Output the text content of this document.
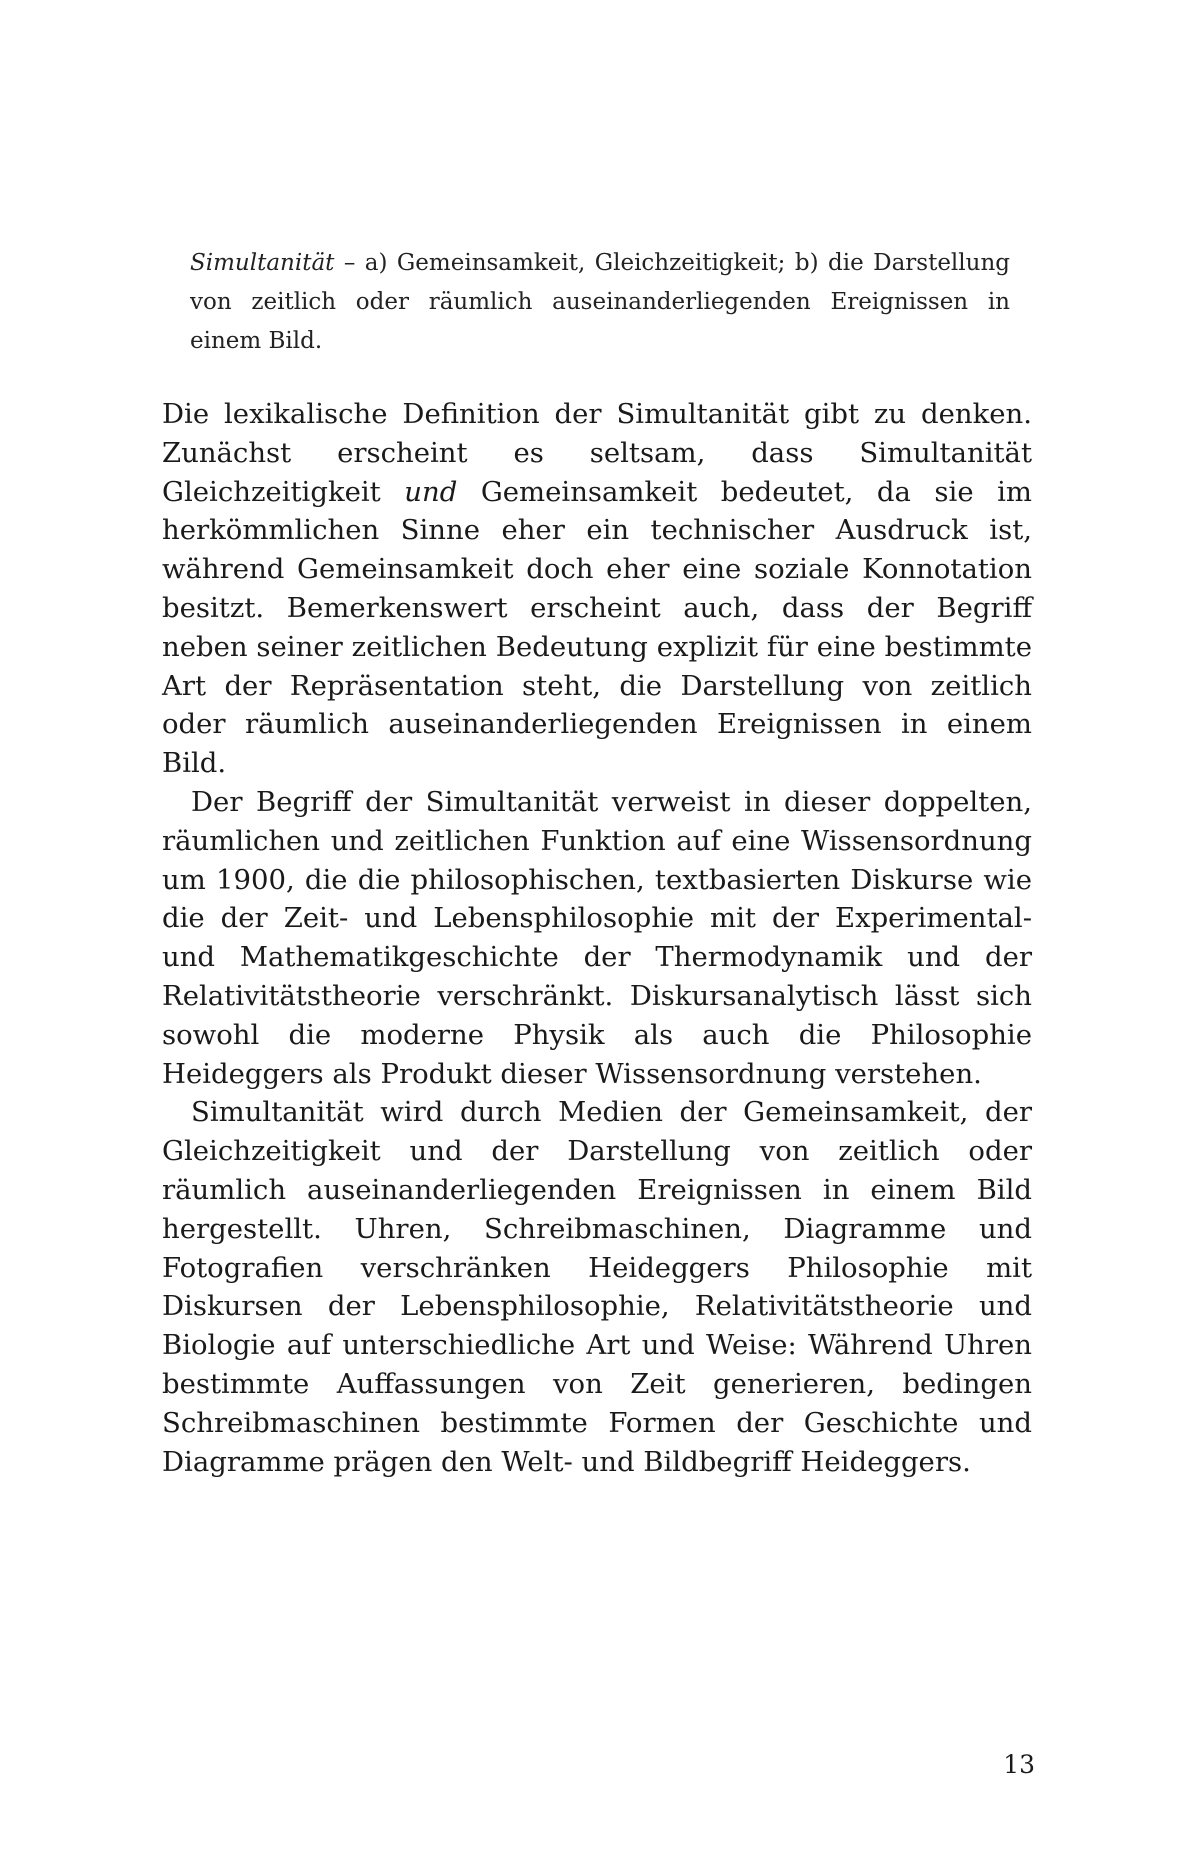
Simultanität – a) Gemeinsamkeit, Gleichzeitigkeit; b) die Darstellung von zeitlich oder räumlich auseinanderliegenden Ereignissen in einem Bild.

Die lexikalische Definition der Simultanität gibt zu denken. Zunächst erscheint es seltsam, dass Simultanität Gleichzeitigkeit und Gemeinsamkeit bedeutet, da sie im herkömmlichen Sinne eher ein technischer Ausdruck ist, während Gemeinsamkeit doch eher eine soziale Konnotation besitzt. Bemerkenswert erscheint auch, dass der Begriff neben seiner zeitlichen Bedeutung explizit für eine bestimmte Art der Repräsentation steht, die Darstellung von zeitlich oder räumlich auseinanderliegenden Ereignissen in einem Bild.

Der Begriff der Simultanität verweist in dieser doppelten, räumlichen und zeitlichen Funktion auf eine Wissensordnung um 1900, die die philosophischen, textbasierten Diskurse wie die der Zeit- und Lebensphilosophie mit der Experimental- und Mathematikgeschichte der Thermodynamik und der Relativitätstheorie verschränkt. Diskursanalytisch lässt sich sowohl die moderne Physik als auch die Philosophie Heideggers als Produkt dieser Wissensordnung verstehen.

Simultanität wird durch Medien der Gemeinsamkeit, der Gleichzeitigkeit und der Darstellung von zeitlich oder räumlich auseinanderliegenden Ereignissen in einem Bild hergestellt. Uhren, Schreibmaschinen, Diagramme und Fotografien verschränken Heideggers Philosophie mit Diskursen der Lebensphilosophie, Relativitätstheorie und Biologie auf unterschiedliche Art und Weise: Während Uhren bestimmte Auffassungen von Zeit generieren, bedingen Schreibmaschinen bestimmte Formen der Geschichte und Diagramme prägen den Welt- und Bildbegriff Heideggers.

13
